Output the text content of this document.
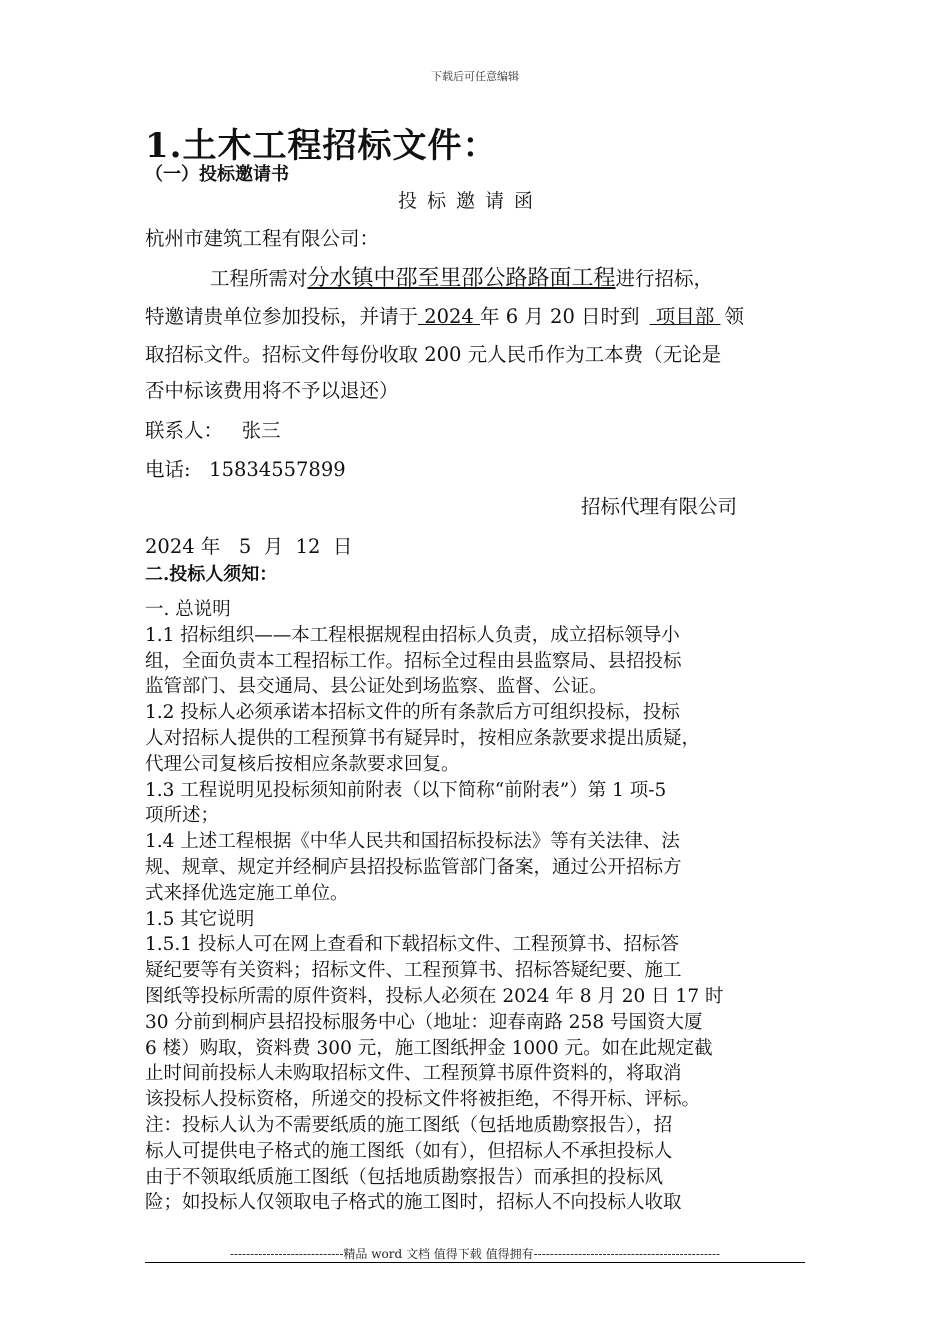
下载后可任意编辑
1.土木工程招标文件：
（一）投标邀请书
投标邀请函
杭州市建筑工程有限公司：
工程所需对分水镇中邵至里邵公路路面工程进行招标，
特邀请贵单位参加投标，并请于 2024 年 6 月 20 日时到 项目部 领
取招标文件。招标文件每份收取 200 元人民币作为工本费（无论是
否中标该费用将不予以退还）
联系人：   张三
电话:   15834557899
招标代理有限公司
2024 年   5  月  12  日
二.投标人须知：
一. 总说明
1.1 招标组织——本工程根据规程由招标人负责，成立招标领导小
组，全面负责本工程招标工作。招标全过程由县监察局、县招投标
监管部门、县交通局、县公证处到场监察、监督、公证。
1.2 投标人必须承诺本招标文件的所有条款后方可组织投标，投标
人对招标人提供的工程预算书有疑异时，按相应条款要求提出质疑，
代理公司复核后按相应条款要求回复。
1.3 工程说明见投标须知前附表（以下简称“前附表”）第 1 项-5
项所述；
1.4 上述工程根据《中华人民共和国招标投标法》等有关法律、法
规、规章、规定并经桐庐县招投标监管部门备案，通过公开招标方
式来择优选定施工单位。
1.5 其它说明
1.5.1 投标人可在网上查看和下载招标文件、工程预算书、招标答
疑纪要等有关资料；招标文件、工程预算书、招标答疑纪要、施工
图纸等投标所需的原件资料，投标人必须在 2024 年 8 月 20 日 17 时
30 分前到桐庐县招投标服务中心（地址：迎春南路 258 号国资大厦
6 楼）购取，资料费 300 元，施工图纸押金 1000 元。如在此规定截
止时间前投标人未购取招标文件、工程预算书原件资料的，将取消
该投标人投标资格，所递交的投标文件将被拒绝，不得开标、评标。
注：投标人认为不需要纸质的施工图纸（包括地质勘察报告），招
标人可提供电子格式的施工图纸（如有），但招标人不承担投标人
由于不领取纸质施工图纸（包括地质勘察报告）而承担的投标风
险；如投标人仅领取电子格式的施工图时，招标人不向投标人收取
----------------------------精品 word 文档 值得下载 值得拥有----------------------------------------------
